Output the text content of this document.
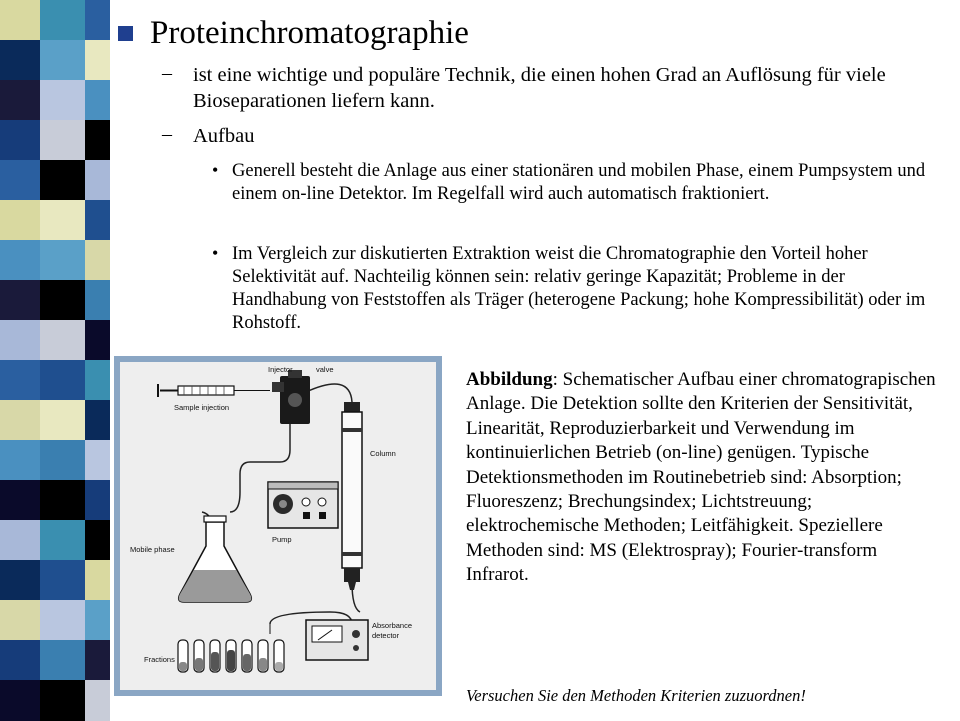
Proteinchromatographie
– ist eine wichtige und populäre Technik, die einen hohen Grad an Auflösung für viele Bioseparationen liefern kann.
– Aufbau
• Generell besteht die Anlage aus einer stationären und mobilen Phase, einem Pumpsystem und einem on-line Detektor. Im Regelfall wird auch automatisch fraktioniert.
• Im Vergleich zur diskutierten Extraktion weist die Chromatographie den Vorteil hoher Selektivität auf. Nachteilig können sein: relativ geringe Kapazität; Probleme in der Handhabung von Feststoffen als Träger (heterogene Packung; hohe Kompressibilität) oder im Rohstoff.
Injector	valve
Sample injection
Column
Mobile phase
Pump
Absorbance
detector
Fractions
Abbildung: Schematischer Aufbau einer chromatograpischen Anlage. Die Detektion sollte den Kriterien der Sensitivität, Linearität, Reproduzierbarkeit und Verwendung im kontinuierlichen Betrieb (on-line) genügen. Typische Detektionsmethoden im Routinebetrieb sind: Absorption; Fluoreszenz; Brechungsindex; Lichtstreuung; elektrochemische Methoden; Leitfähigkeit. Speziellere Methoden sind: MS (Elektrospray); Fourier-transform Infrarot.
Versuchen Sie den Methoden Kriterien zuzuordnen!
